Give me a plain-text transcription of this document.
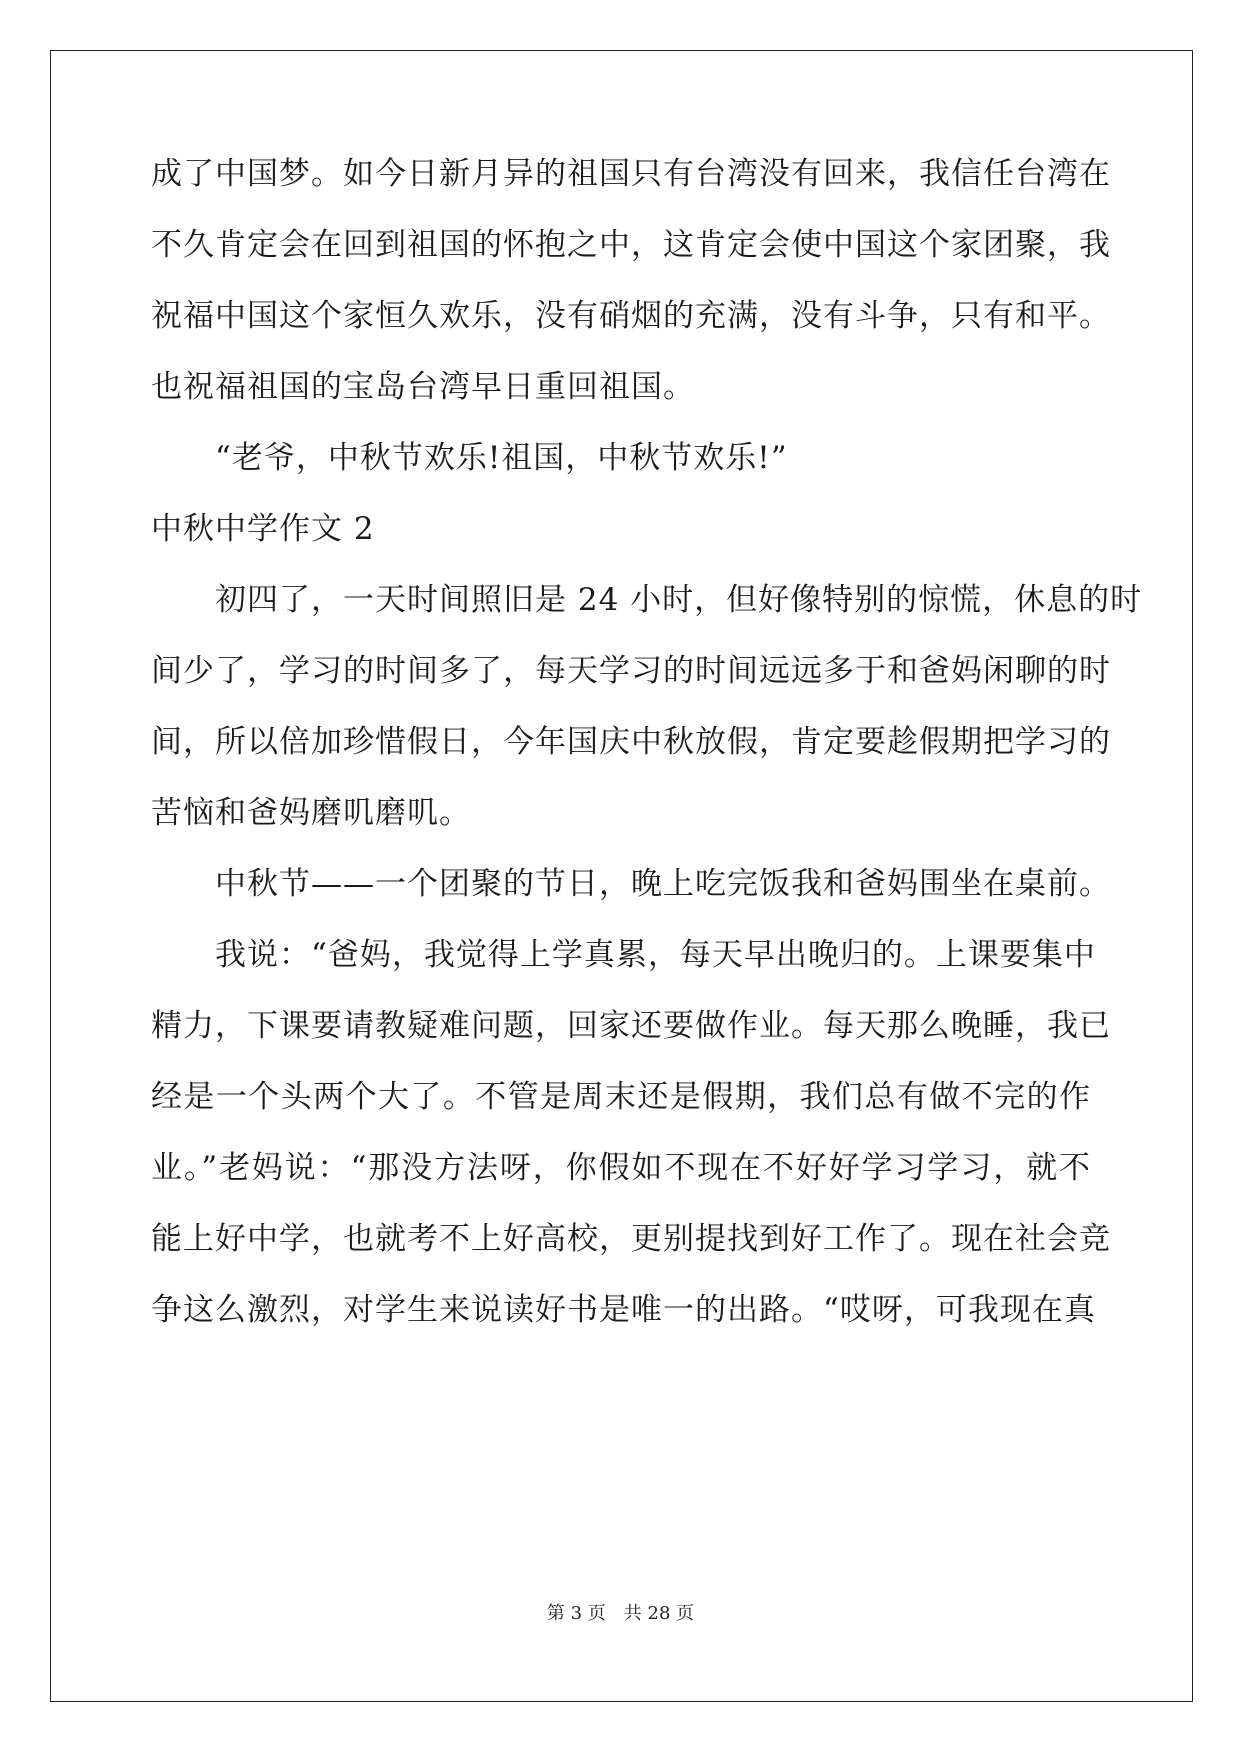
成了中国梦。如今日新月异的祖国只有台湾没有回来，我信任台湾在
不久肯定会在回到祖国的怀抱之中，这肯定会使中国这个家团聚，我
祝福中国这个家恒久欢乐，没有硝烟的充满，没有斗争，只有和平。
也祝福祖国的宝岛台湾早日重回祖国。
“老爷，中秋节欢乐!祖国，中秋节欢乐!”
中秋中学作文 2
初四了，一天时间照旧是 24 小时，但好像特别的惊慌，休息的时
间少了，学习的时间多了，每天学习的时间远远多于和爸妈闲聊的时
间，所以倍加珍惜假日，今年国庆中秋放假，肯定要趁假期把学习的
苦恼和爸妈磨叽磨叽。
中秋节——一个团聚的节日，晚上吃完饭我和爸妈围坐在桌前。
我说：“爸妈，我觉得上学真累，每天早出晚归的。上课要集中
精力，下课要请教疑难问题，回家还要做作业。每天那么晚睡，我已
经是一个头两个大了。不管是周末还是假期，我们总有做不完的作
业。”老妈说：“那没方法呀，你假如不现在不好好学习学习，就不
能上好中学，也就考不上好高校，更别提找到好工作了。现在社会竞
争这么激烈，对学生来说读好书是唯一的出路。“哎呀，可我现在真
第 3 页　共 28 页
